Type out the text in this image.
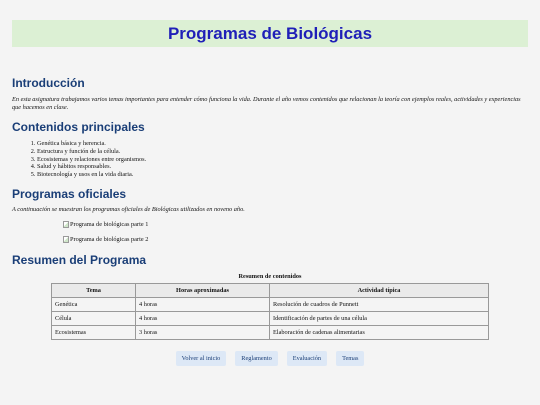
Programas de Biológicas
Introducción

En esta asignatura trabajamos varios temas importantes para entender cómo funciona la vida. Durante el año vemos contenidos que relacionan la teoría con ejemplos reales, actividades y experiencias que hacemos en clase.

Contenidos principales
1. Genética básica y herencia.
2. Estructura y función de la célula.
3. Ecosistemas y relaciones entre organismos.
4. Salud y hábitos responsables.
5. Biotecnología y usos en la vida diaria.
Programas oficiales

A continuación se muestran los programas oficiales de Biológicas utilizados en noveno año.

Programa de biológicas parte 1
Programa de biológicas parte 2
Resumen del Programa
Resumen de contenidos
Tema	Horas aproximadas	Actividad típica
Genética	4 horas	Resolución de cuadros de Punnett
Célula	4 horas	Identificación de partes de una célula
Ecosistemas	3 horas	Elaboración de cadenas alimentarias
Volver al inicio	Reglamento	Evaluación	Temas
